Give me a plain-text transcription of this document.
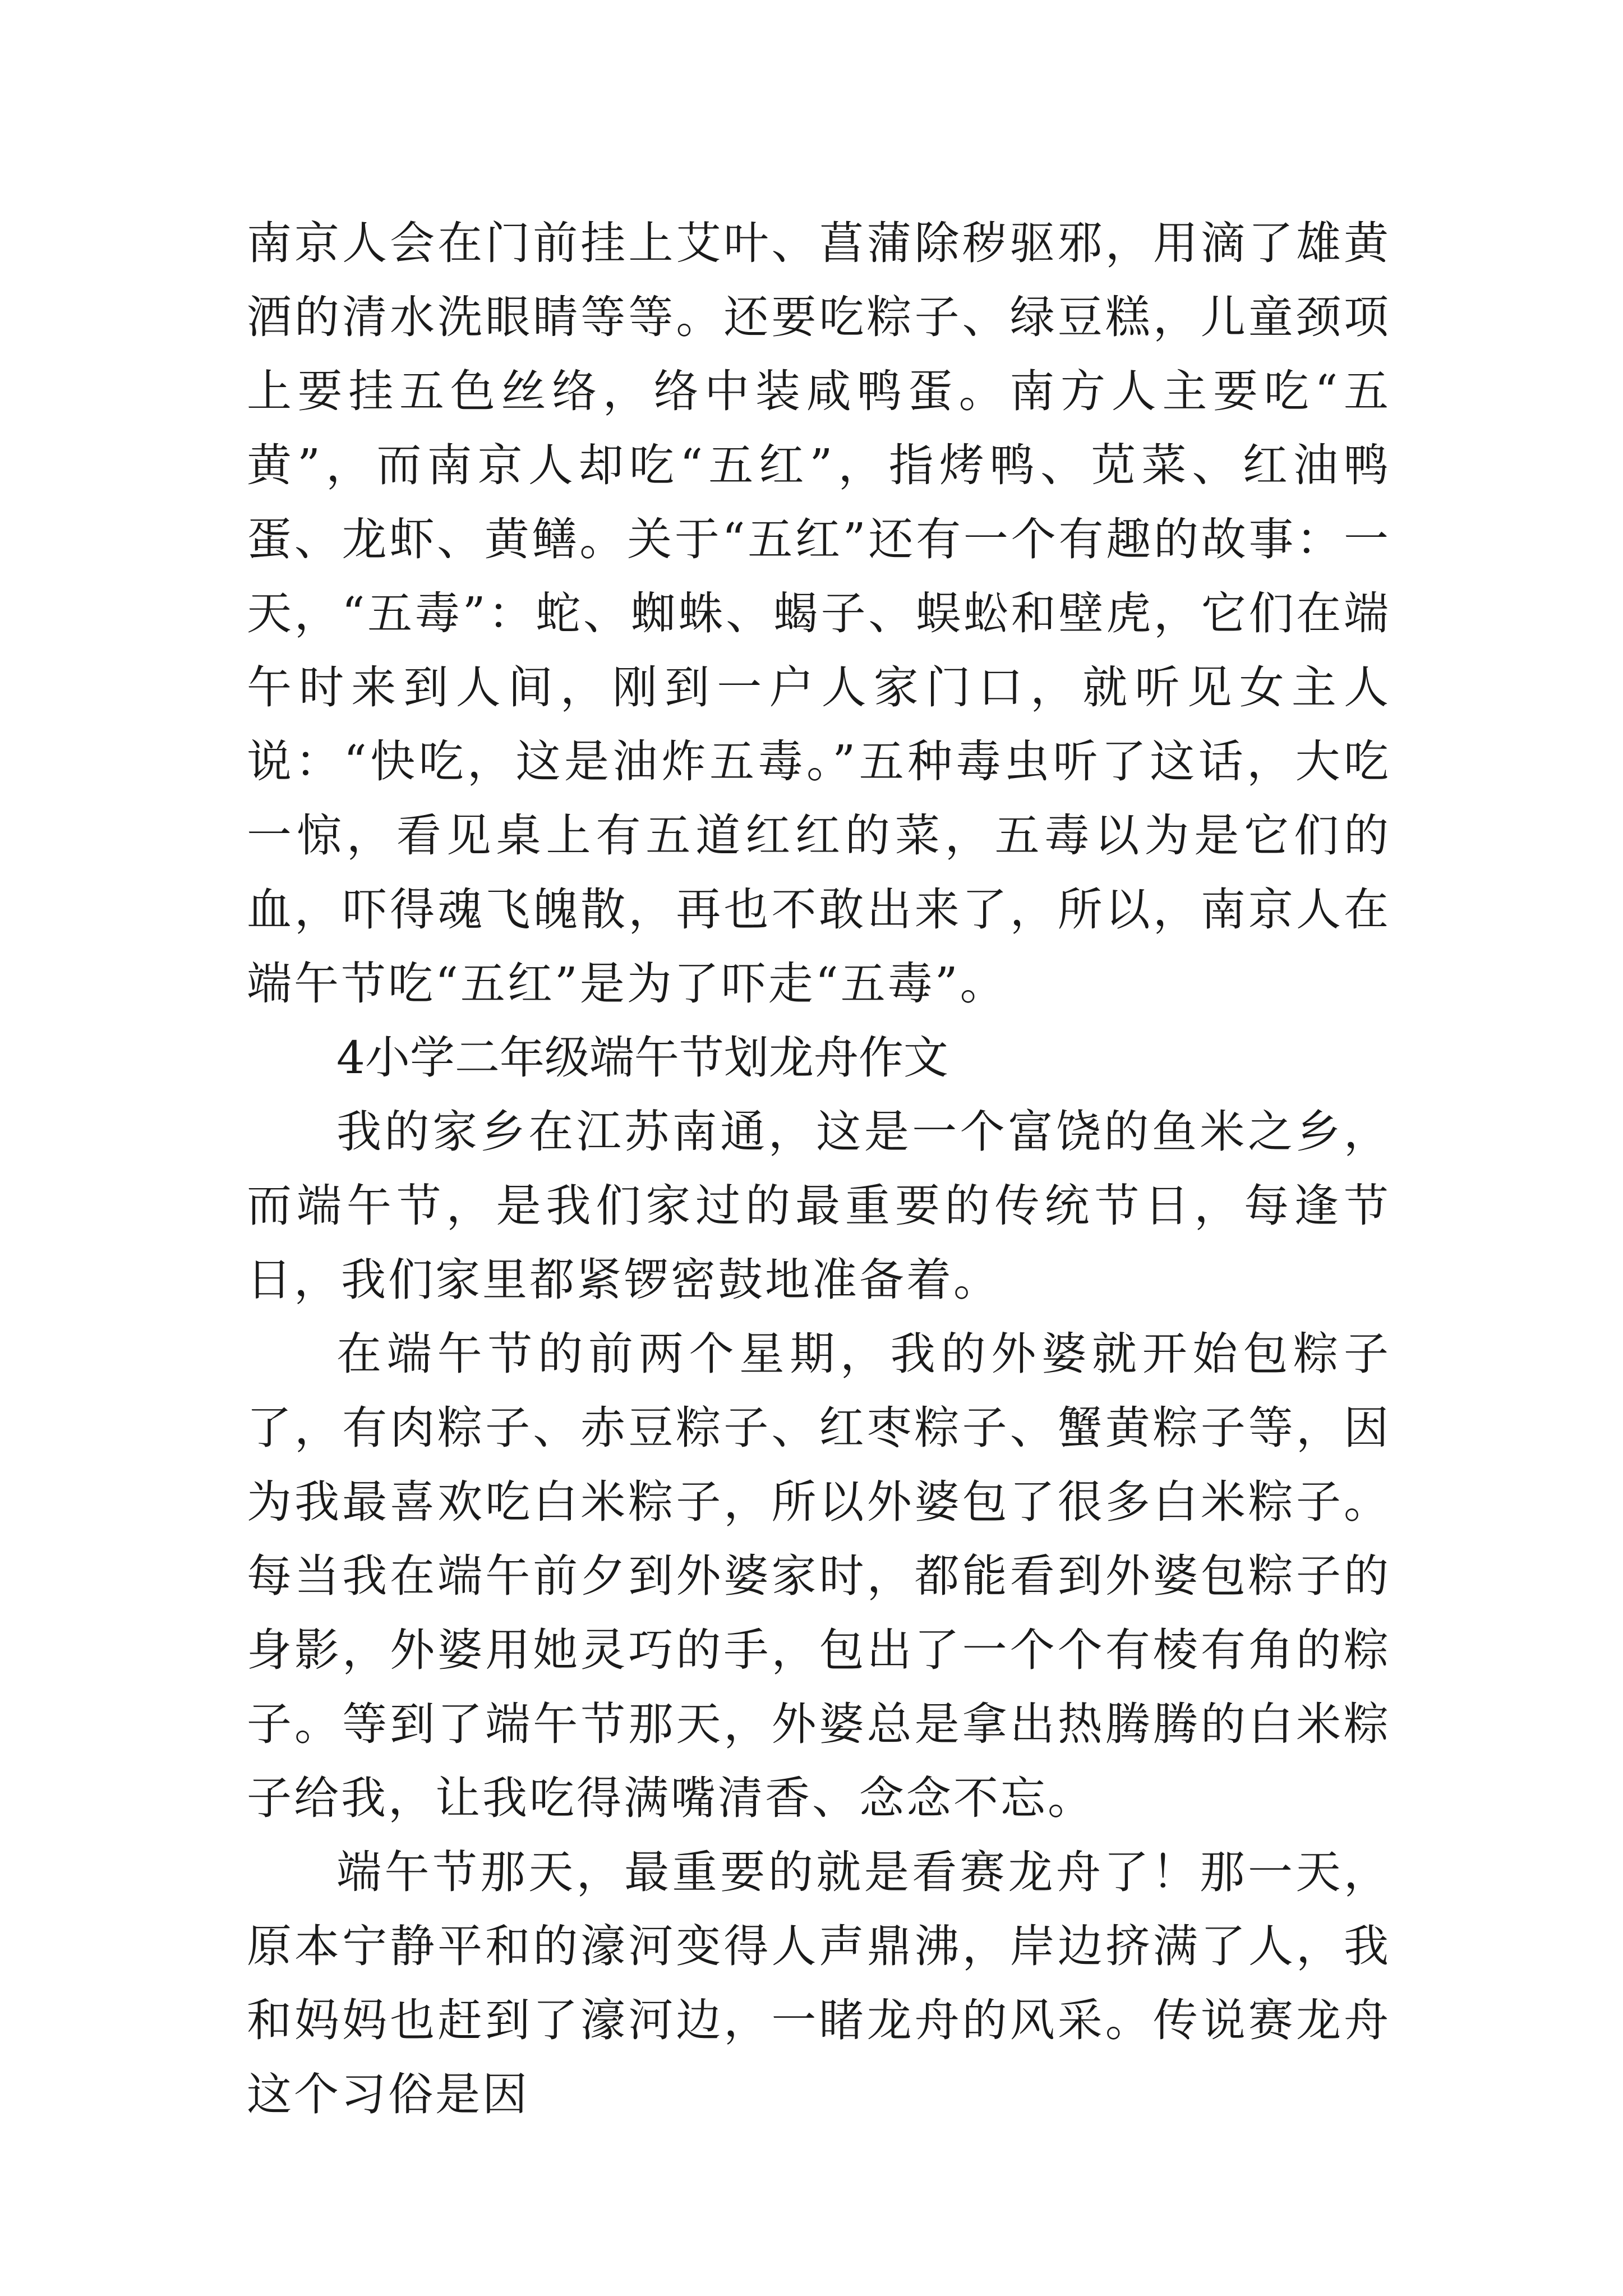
南京人会在门前挂上艾叶、菖蒲除秽驱邪，用滴了雄黄酒的清水洗眼睛等等。还要吃粽子、绿豆糕，儿童颈项上要挂五色丝络，络中装咸鸭蛋。南方人主要吃“五黄”，而南京人却吃“五红”，指烤鸭、苋菜、红油鸭蛋、龙虾、黄鳝。关于“五红”还有一个有趣的故事：一天，“五毒”：蛇、蜘蛛、蝎子、蜈蚣和壁虎，它们在端午时来到人间，刚到一户人家门口，就听见女主人说：“快吃，这是油炸五毒。”五种毒虫听了这话，大吃一惊，看见桌上有五道红红的菜，五毒以为是它们的血，吓得魂飞魄散，再也不敢出来了，所以，南京人在端午节吃“五红”是为了吓走“五毒”。

4小学二年级端午节划龙舟作文

我的家乡在江苏南通，这是一个富饶的鱼米之乡，而端午节，是我们家过的最重要的传统节日，每逢节日，我们家里都紧锣密鼓地准备着。

在端午节的前两个星期，我的外婆就开始包粽子了，有肉粽子、赤豆粽子、红枣粽子、蟹黄粽子等，因为我最喜欢吃白米粽子，所以外婆包了很多白米粽子。每当我在端午前夕到外婆家时，都能看到外婆包粽子的身影，外婆用她灵巧的手，包出了一个个有棱有角的粽子。等到了端午节那天，外婆总是拿出热腾腾的白米粽子给我，让我吃得满嘴清香、念念不忘。

端午节那天，最重要的就是看赛龙舟了！那一天，原本宁静平和的濠河变得人声鼎沸，岸边挤满了人，我和妈妈也赶到了濠河边，一睹龙舟的风采。传说赛龙舟这个习俗是因
